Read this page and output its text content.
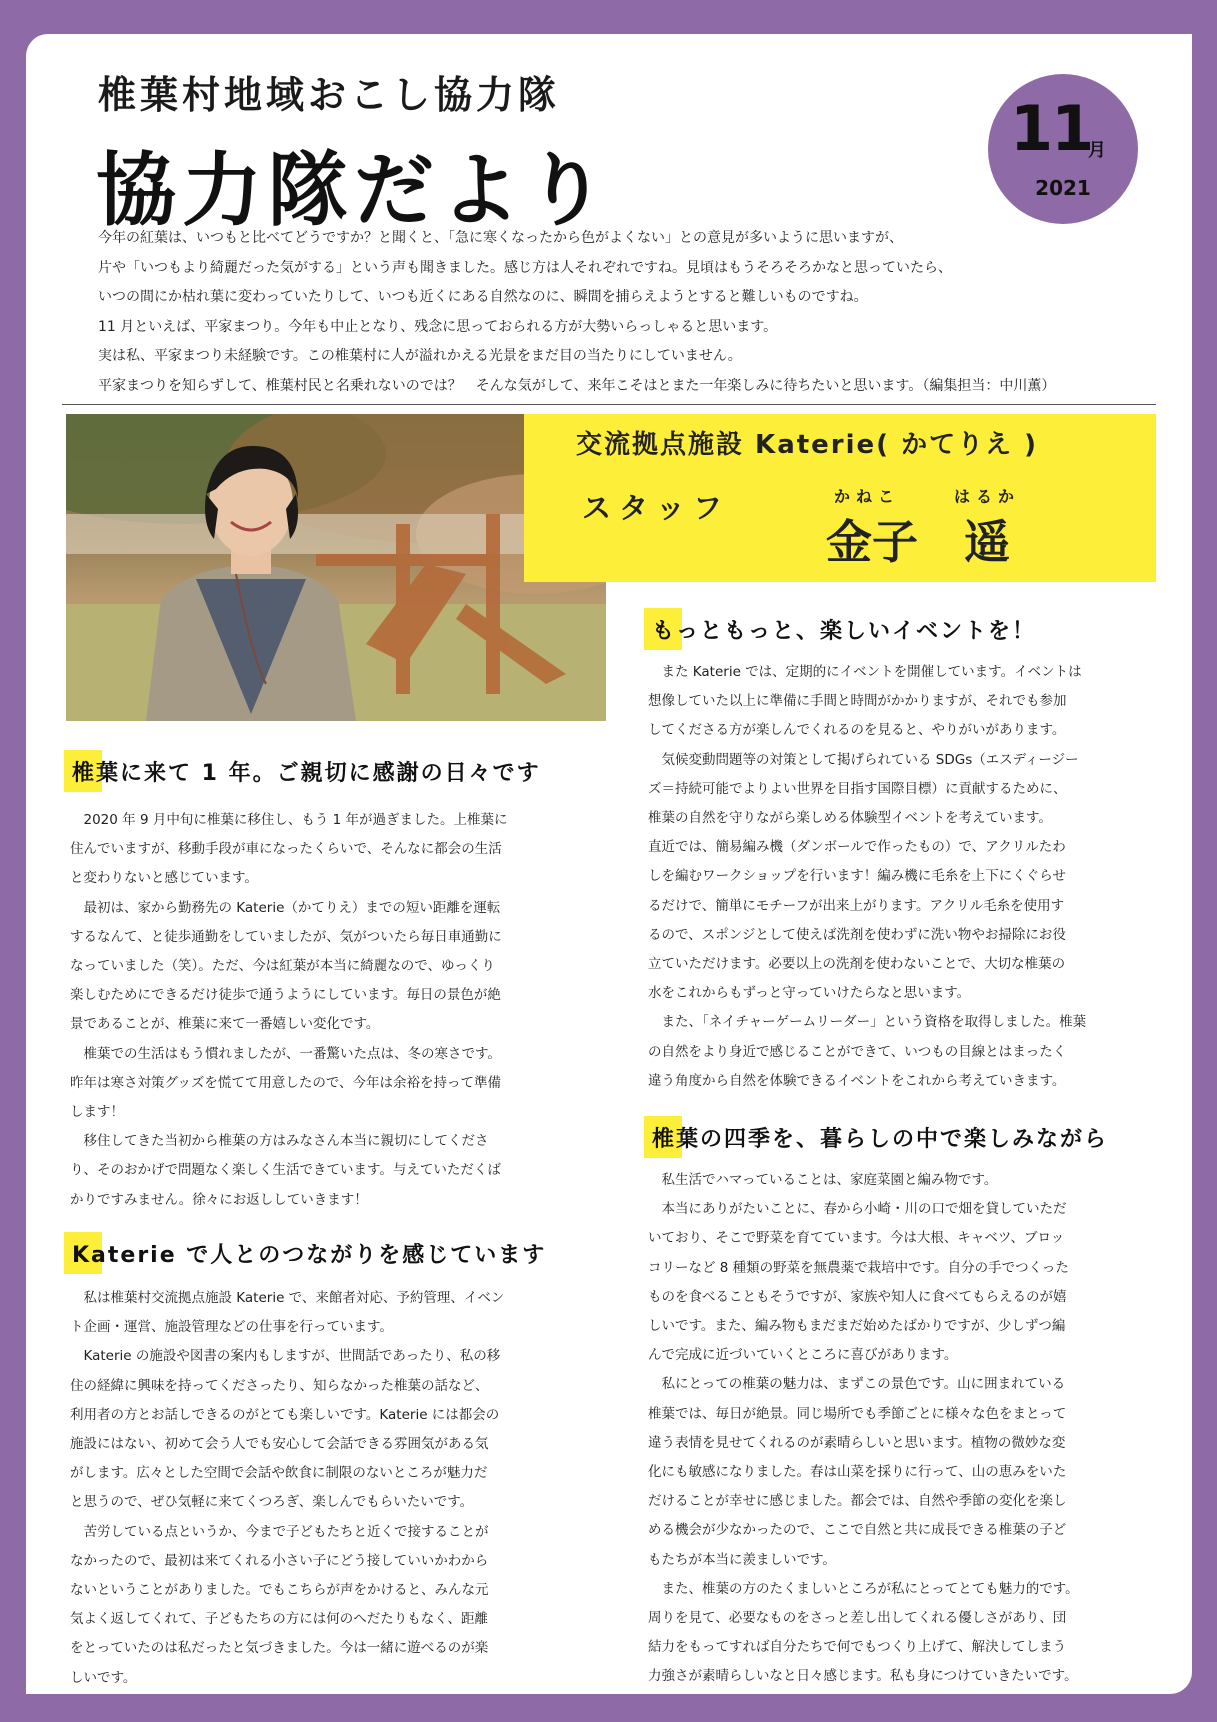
椎葉村地域おこし協力隊
協力隊だより
11
月
2021

今年の紅葉は、いつもと比べてどうですか？と聞くと、「急に寒くなったから色がよくない」との意見が多いように思いますが、

片や「いつもより綺麗だった気がする」という声も聞きました。感じ方は人それぞれですね。見頃はもうそろそろかなと思っていたら、

いつの間にか枯れ葉に変わっていたりして、いつも近くにある自然なのに、瞬間を捕らえようとすると難しいものですね。

11 月といえば、平家まつり。今年も中止となり、残念に思っておられる方が大勢いらっしゃると思います。

実は私、平家まつり未経験です。この椎葉村に人が溢れかえる光景をまだ目の当たりにしていません。

平家まつりを知らずして、椎葉村民と名乗れないのでは？　そんな気がして、来年こそはとまた一年楽しみに待ちたいと思います。（編集担当：中川薫）

交流拠点施設 Katerie( かてりえ )
スタッフ	かねこ	はるか
金子 遥
椎葉に来て 1 年。ご親切に感謝の日々です

　2020 年 9 月中旬に椎葉に移住し、もう 1 年が過ぎました。上椎葉に

住んでいますが、移動手段が車になったくらいで、そんなに都会の生活

と変わりないと感じています。

　最初は、家から勤務先の Katerie（かてりえ）までの短い距離を運転

するなんて、と徒歩通勤をしていましたが、気がついたら毎日車通勤に

なっていました（笑）。ただ、今は紅葉が本当に綺麗なので、ゆっくり

楽しむためにできるだけ徒歩で通うようにしています。毎日の景色が絶

景であることが、椎葉に来て一番嬉しい変化です。

　椎葉での生活はもう慣れましたが、一番驚いた点は、冬の寒さです。

昨年は寒さ対策グッズを慌てて用意したので、今年は余裕を持って準備

します！

　移住してきた当初から椎葉の方はみなさん本当に親切にしてくださ

り、そのおかげで問題なく楽しく生活できています。与えていただくば

かりですみません。徐々にお返ししていきます！

Katerie で人とのつながりを感じています

　私は椎葉村交流拠点施設 Katerie で、来館者対応、予約管理、イベン

ト企画・運営、施設管理などの仕事を行っています。

　Katerie の施設や図書の案内もしますが、世間話であったり、私の移

住の経緯に興味を持ってくださったり、知らなかった椎葉の話など、

利用者の方とお話しできるのがとても楽しいです。Katerie には都会の

施設にはない、初めて会う人でも安心して会話できる雰囲気がある気

がします。広々とした空間で会話や飲食に制限のないところが魅力だ

と思うので、ぜひ気軽に来てくつろぎ、楽しんでもらいたいです。

　苦労している点というか、今まで子どもたちと近くで接することが

なかったので、最初は来てくれる小さい子にどう接していいかわから

ないということがありました。でもこちらが声をかけると、みんな元

気よく返してくれて、子どもたちの方には何のへだたりもなく、距離

をとっていたのは私だったと気づきました。今は一緒に遊べるのが楽

しいです。

もっともっと、楽しいイベントを！

　また Katerie では、定期的にイベントを開催しています。イベントは

想像していた以上に準備に手間と時間がかかりますが、それでも参加

してくださる方が楽しんでくれるのを見ると、やりがいがあります。

　気候変動問題等の対策として掲げられている SDGs（エスディージー

ズ＝持続可能でよりよい世界を目指す国際目標）に貢献するために、

椎葉の自然を守りながら楽しめる体験型イベントを考えています。

直近では、簡易編み機（ダンボールで作ったもの）で、アクリルたわ

しを編むワークショップを行います！編み機に毛糸を上下にくぐらせ

るだけで、簡単にモチーフが出来上がります。アクリル毛糸を使用す

るので、スポンジとして使えば洗剤を使わずに洗い物やお掃除にお役

立ていただけます。必要以上の洗剤を使わないことで、大切な椎葉の

水をこれからもずっと守っていけたらなと思います。

　また、「ネイチャーゲームリーダー」という資格を取得しました。椎葉

の自然をより身近で感じることができて、いつもの目線とはまったく

違う角度から自然を体験できるイベントをこれから考えていきます。

椎葉の四季を、暮らしの中で楽しみながら

　私生活でハマっていることは、家庭菜園と編み物です。

　本当にありがたいことに、春から小崎・川の口で畑を貸していただ

いており、そこで野菜を育てています。今は大根、キャベツ、ブロッ

コリーなど 8 種類の野菜を無農薬で栽培中です。自分の手でつくった

ものを食べることもそうですが、家族や知人に食べてもらえるのが嬉

しいです。また、編み物もまだまだ始めたばかりですが、少しずつ編

んで完成に近づいていくところに喜びがあります。

　私にとっての椎葉の魅力は、まずこの景色です。山に囲まれている

椎葉では、毎日が絶景。同じ場所でも季節ごとに様々な色をまとって

違う表情を見せてくれるのが素晴らしいと思います。植物の微妙な変

化にも敏感になりました。春は山菜を採りに行って、山の恵みをいた

だけることが幸せに感じました。都会では、自然や季節の変化を楽し

める機会が少なかったので、ここで自然と共に成長できる椎葉の子ど

もたちが本当に羨ましいです。

　また、椎葉の方のたくましいところが私にとってとても魅力的です。

周りを見て、必要なものをさっと差し出してくれる優しさがあり、団

結力をもってすれば自分たちで何でもつくり上げて、解決してしまう

力強さが素晴らしいなと日々感じます。私も身につけていきたいです。
